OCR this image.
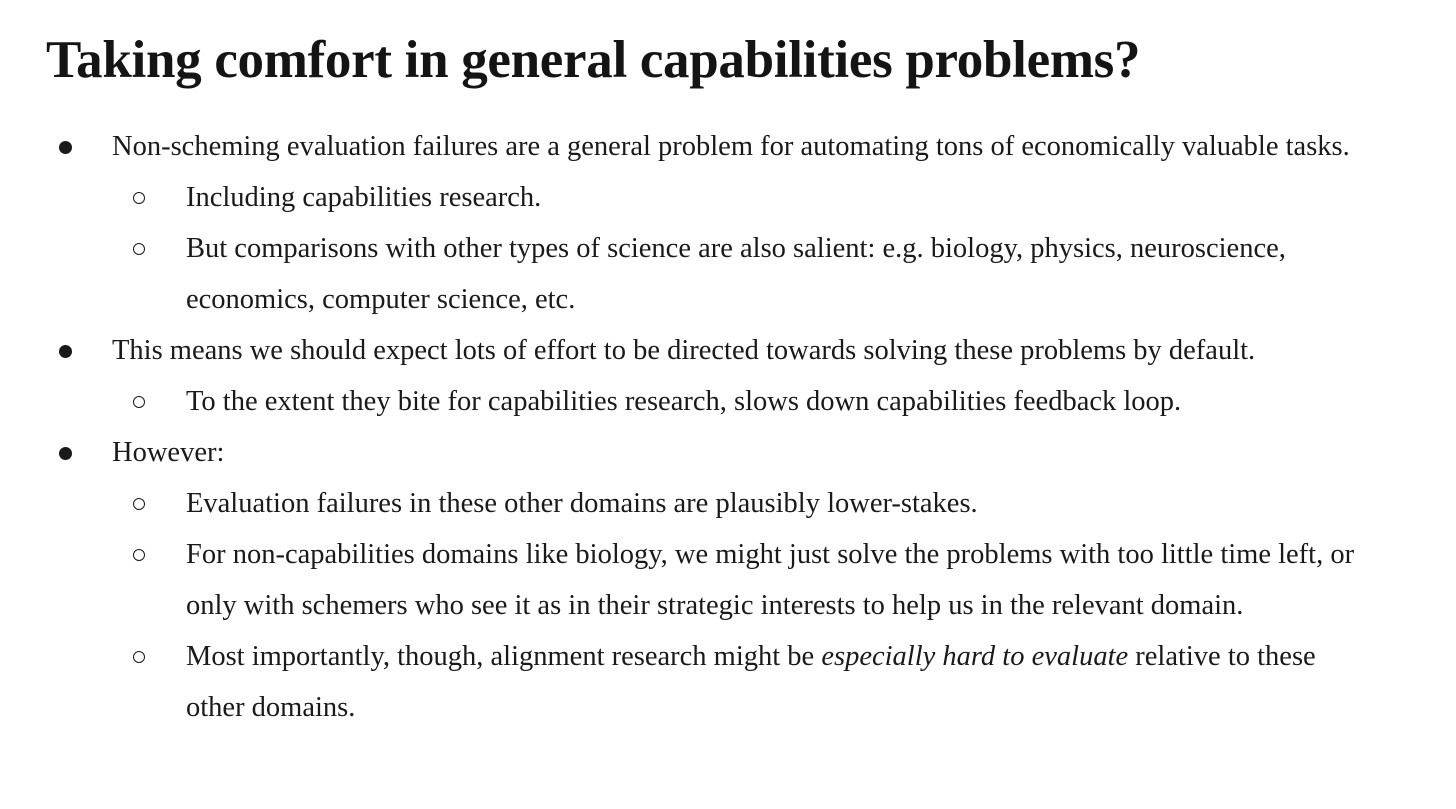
Taking comfort in general capabilities problems?
Non-scheming evaluation failures are a general problem for automating tons of economically valuable tasks.
Including capabilities research.
But comparisons with other types of science are also salient: e.g. biology, physics, neuroscience,
economics, computer science, etc.
This means we should expect lots of effort to be directed towards solving these problems by default.
To the extent they bite for capabilities research, slows down capabilities feedback loop.
However:
Evaluation failures in these other domains are plausibly lower-stakes.
For non-capabilities domains like biology, we might just solve the problems with too little time left, or
only with schemers who see it as in their strategic interests to help us in the relevant domain.
Most importantly, though, alignment research might be especially hard to evaluate relative to these
other domains.
